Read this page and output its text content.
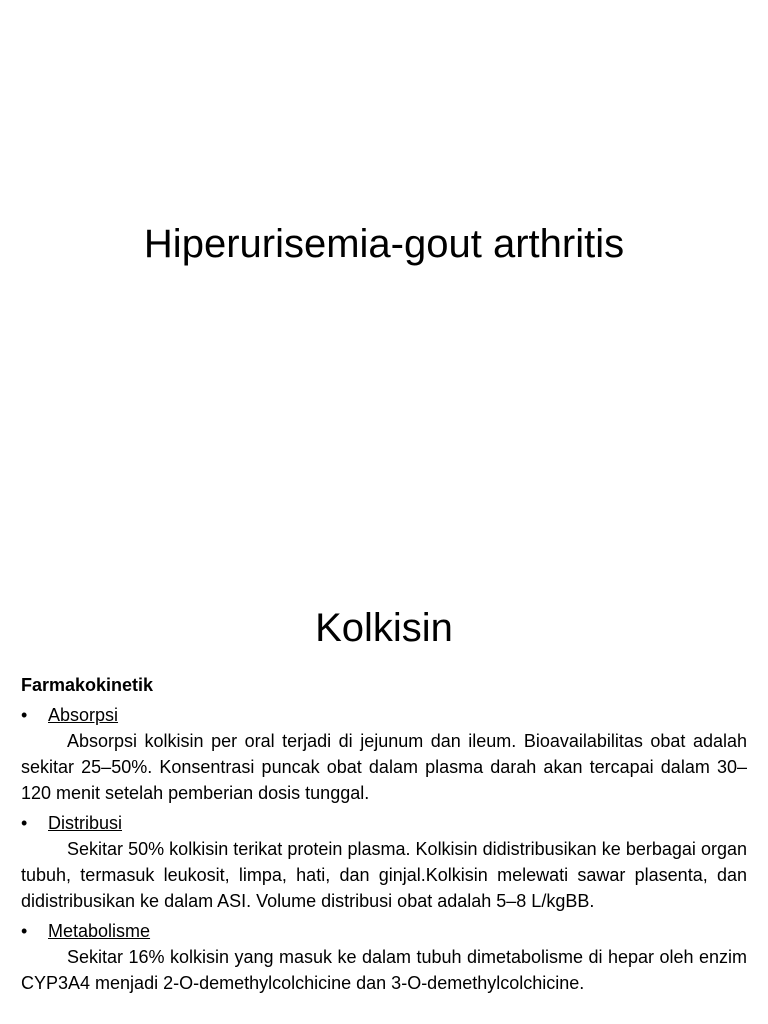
Hiperurisemia-gout arthritis
Kolkisin

Farmakokinetik

• Absorpsi

Absorpsi kolkisin per oral terjadi di jejunum dan ileum. Bioavailabilitas obat adalah sekitar 25–50%. Konsentrasi puncak obat dalam plasma darah akan tercapai dalam 30–120 menit setelah pemberian dosis tunggal.

• Distribusi

Sekitar 50% kolkisin terikat protein plasma. Kolkisin didistribusikan ke berbagai organ tubuh, termasuk leukosit, limpa, hati, dan ginjal.Kolkisin melewati sawar plasenta, dan didistribusikan ke dalam ASI. Volume distribusi obat adalah 5–8 L/kgBB.

• Metabolisme

Sekitar 16% kolkisin yang masuk ke dalam tubuh dimetabolisme di hepar oleh enzim CYP3A4 menjadi 2-O-demethylcolchicine dan 3-O-demethylcolchicine.
